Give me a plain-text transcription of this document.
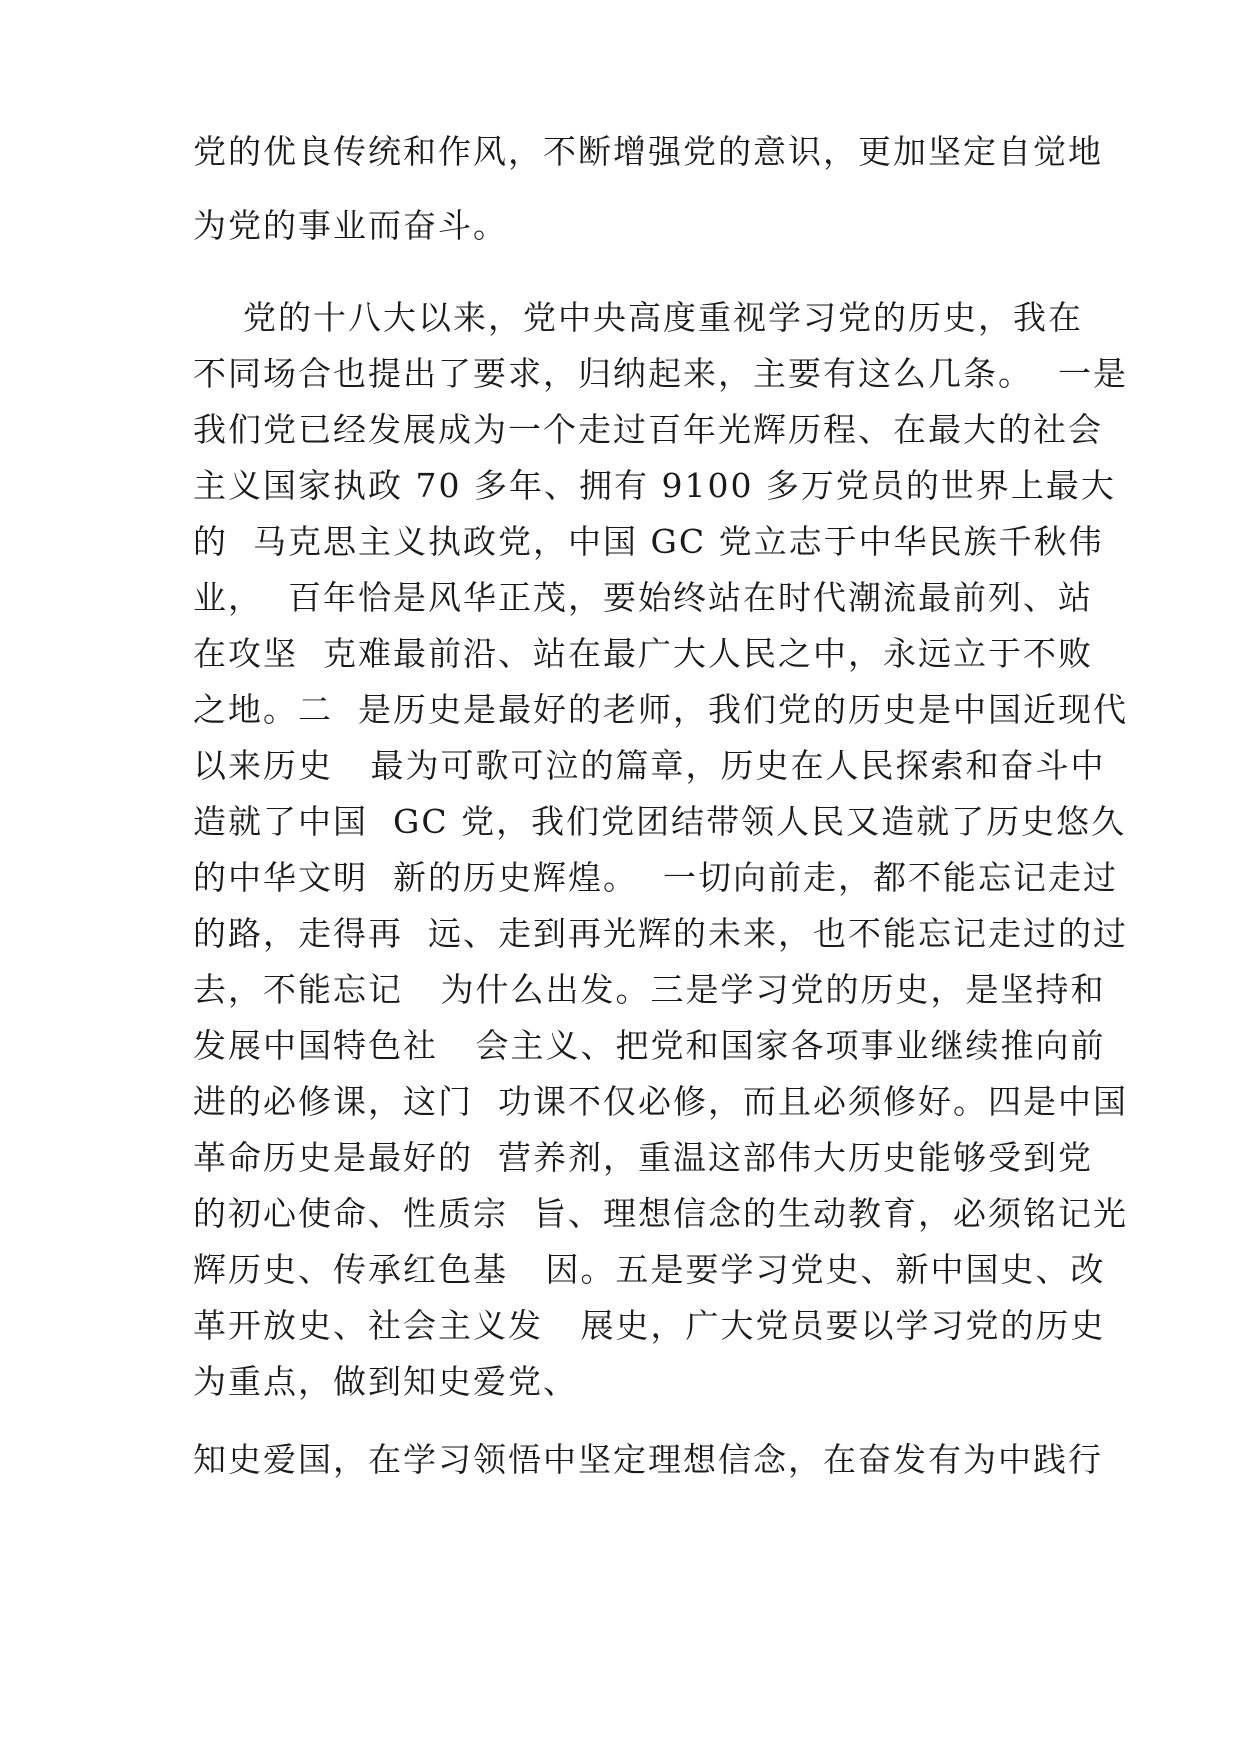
党的优良传统和作风，不断增强党的意识，更加坚定自觉地
为党的事业而奋斗。
党的十八大以来，党中央高度重视学习党的历史，我在
不同场合也提出了要求，归纳起来，主要有这么几条。  一是
我们党已经发展成为一个走过百年光辉历程、在最大的社会
主义国家执政 70 多年、拥有 9100 多万党员的世界上最大
的  马克思主义执政党，中国 GC 党立志于中华民族千秋伟
业，  百年恰是风华正茂，要始终站在时代潮流最前列、站
在攻坚  克难最前沿、站在最广大人民之中，永远立于不败
之地。二  是历史是最好的老师，我们党的历史是中国近现代
以来历史   最为可歌可泣的篇章，历史在人民探索和奋斗中
造就了中国  GC 党，我们党团结带领人民又造就了历史悠久
的中华文明  新的历史辉煌。  一切向前走，都不能忘记走过
的路，走得再  远、走到再光辉的未来，也不能忘记走过的过
去，不能忘记   为什么出发。三是学习党的历史，是坚持和
发展中国特色社   会主义、把党和国家各项事业继续推向前
进的必修课，这门  功课不仅必修，而且必须修好。四是中国
革命历史是最好的  营养剂，重温这部伟大历史能够受到党
的初心使命、性质宗  旨、理想信念的生动教育，必须铭记光
辉历史、传承红色基   因。五是要学习党史、新中国史、改
革开放史、社会主义发   展史，广大党员要以学习党的历史
为重点，做到知史爱党、
知史爱国，在学习领悟中坚定理想信念，在奋发有为中践行
